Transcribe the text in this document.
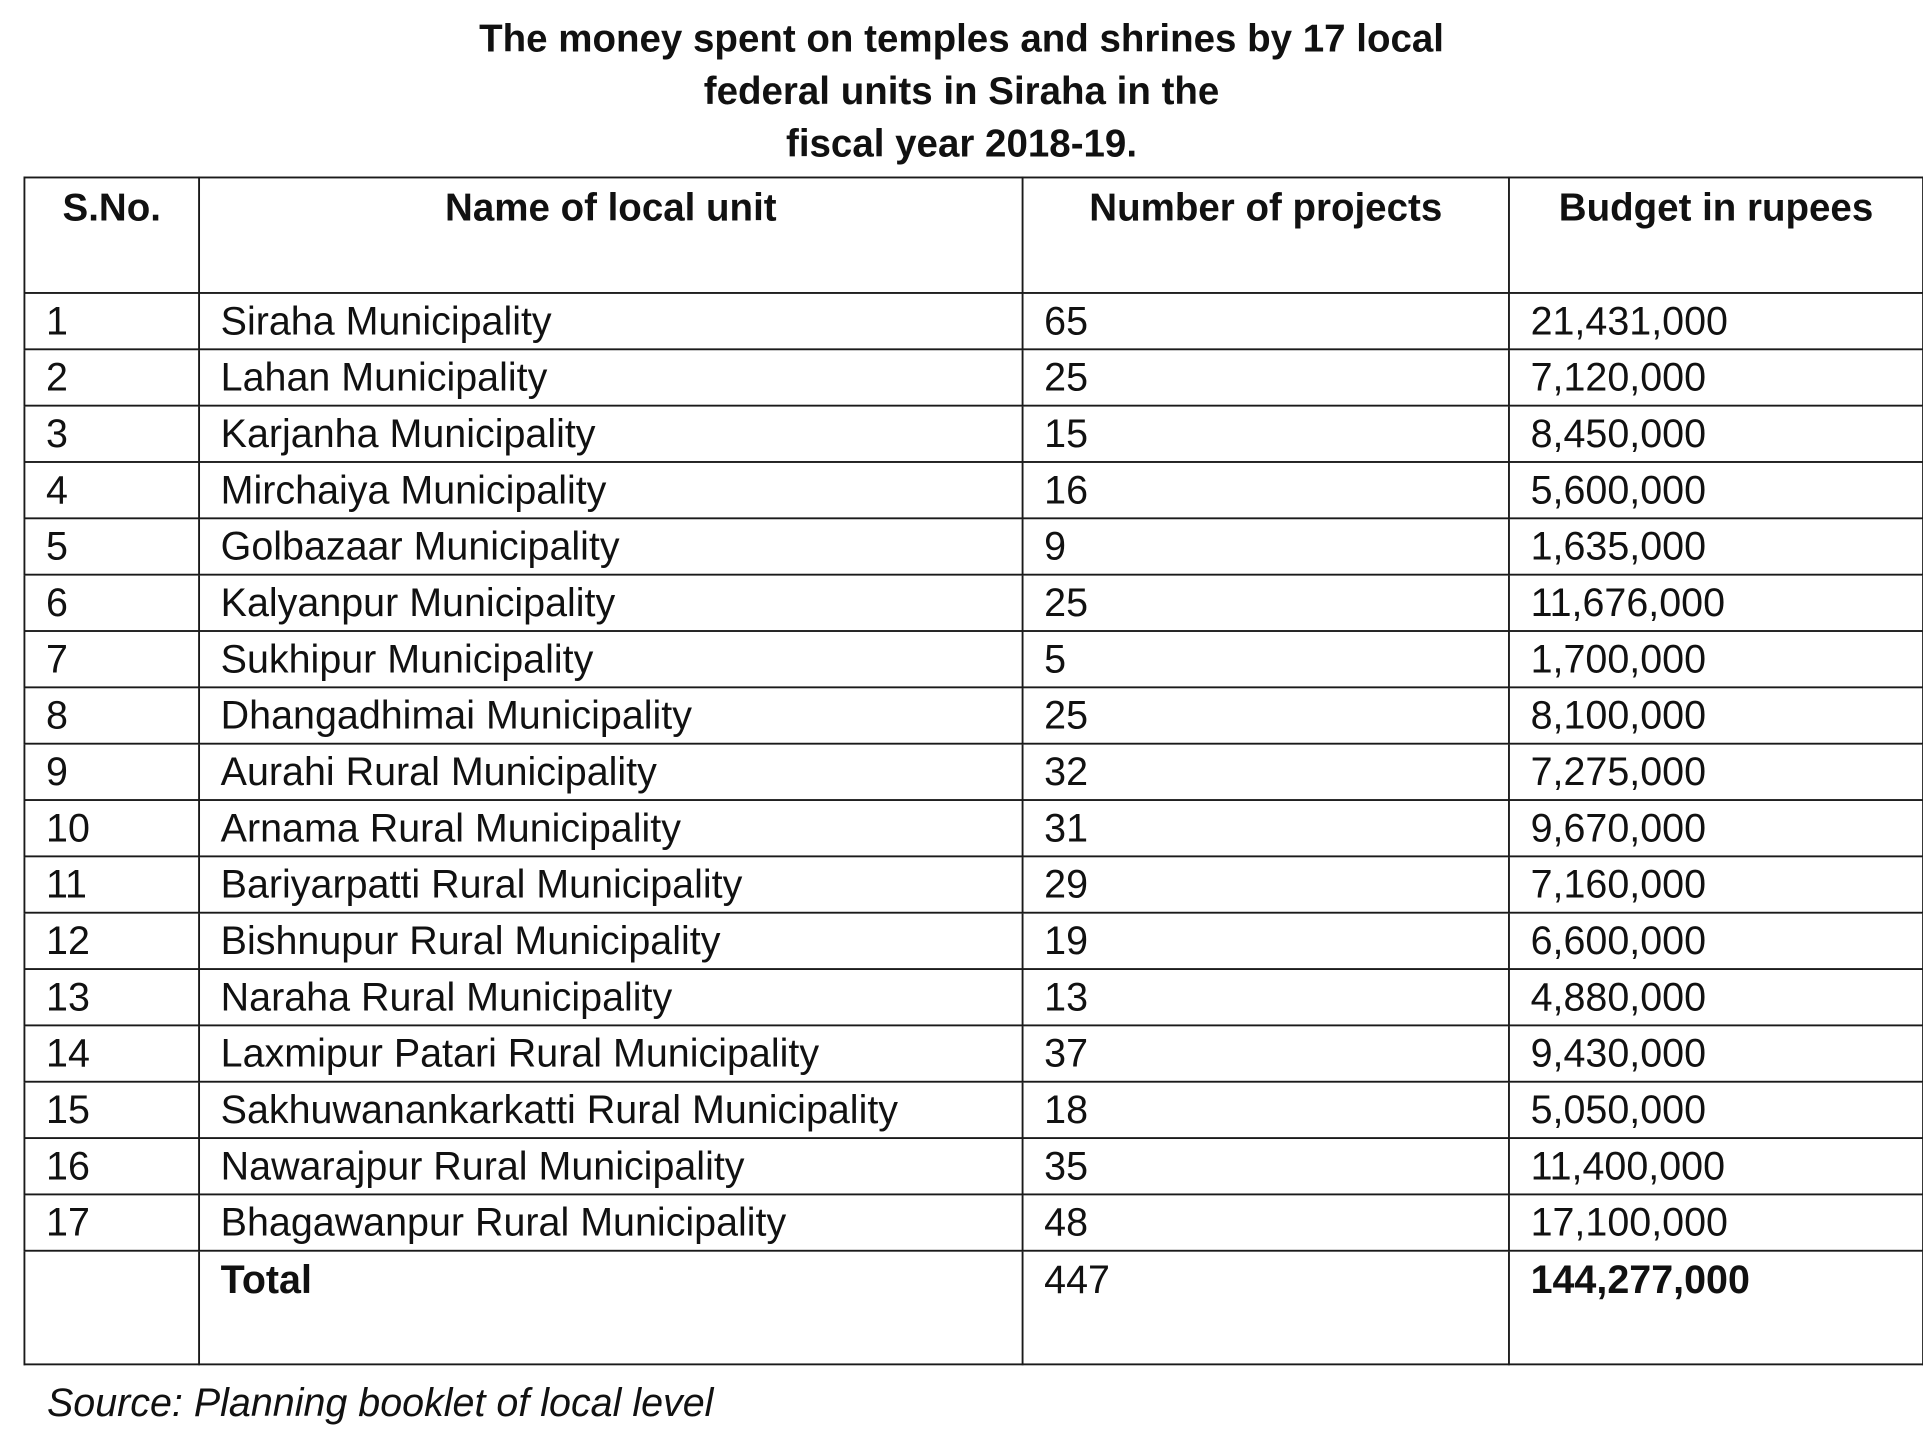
The money spent on temples and shrines by 17 local
federal units in Siraha in the
fiscal year 2018-19.
S.No.	Name of local unit	Number of projects	Budget in rupees
1	Siraha Municipality	65	21,431,000
2	Lahan Municipality	25	7,120,000
3	Karjanha Municipality	15	8,450,000
4	Mirchaiya Municipality	16	5,600,000
5	Golbazaar Municipality	9	1,635,000
6	Kalyanpur Municipality	25	11,676,000
7	Sukhipur Municipality	5	1,700,000
8	Dhangadhimai Municipality	25	8,100,000
9	Aurahi Rural Municipality	32	7,275,000
10	Arnama Rural Municipality	31	9,670,000
11	Bariyarpatti Rural Municipality	29	7,160,000
12	Bishnupur Rural Municipality	19	6,600,000
13	Naraha Rural Municipality	13	4,880,000
14	Laxmipur Patari Rural Municipality	37	9,430,000
15	Sakhuwanankarkatti Rural Municipality	18	5,050,000
16	Nawarajpur Rural Municipality	35	11,400,000
17	Bhagawanpur Rural Municipality	48	17,100,000
	Total	447	144,277,000
Source: Planning booklet of local level
